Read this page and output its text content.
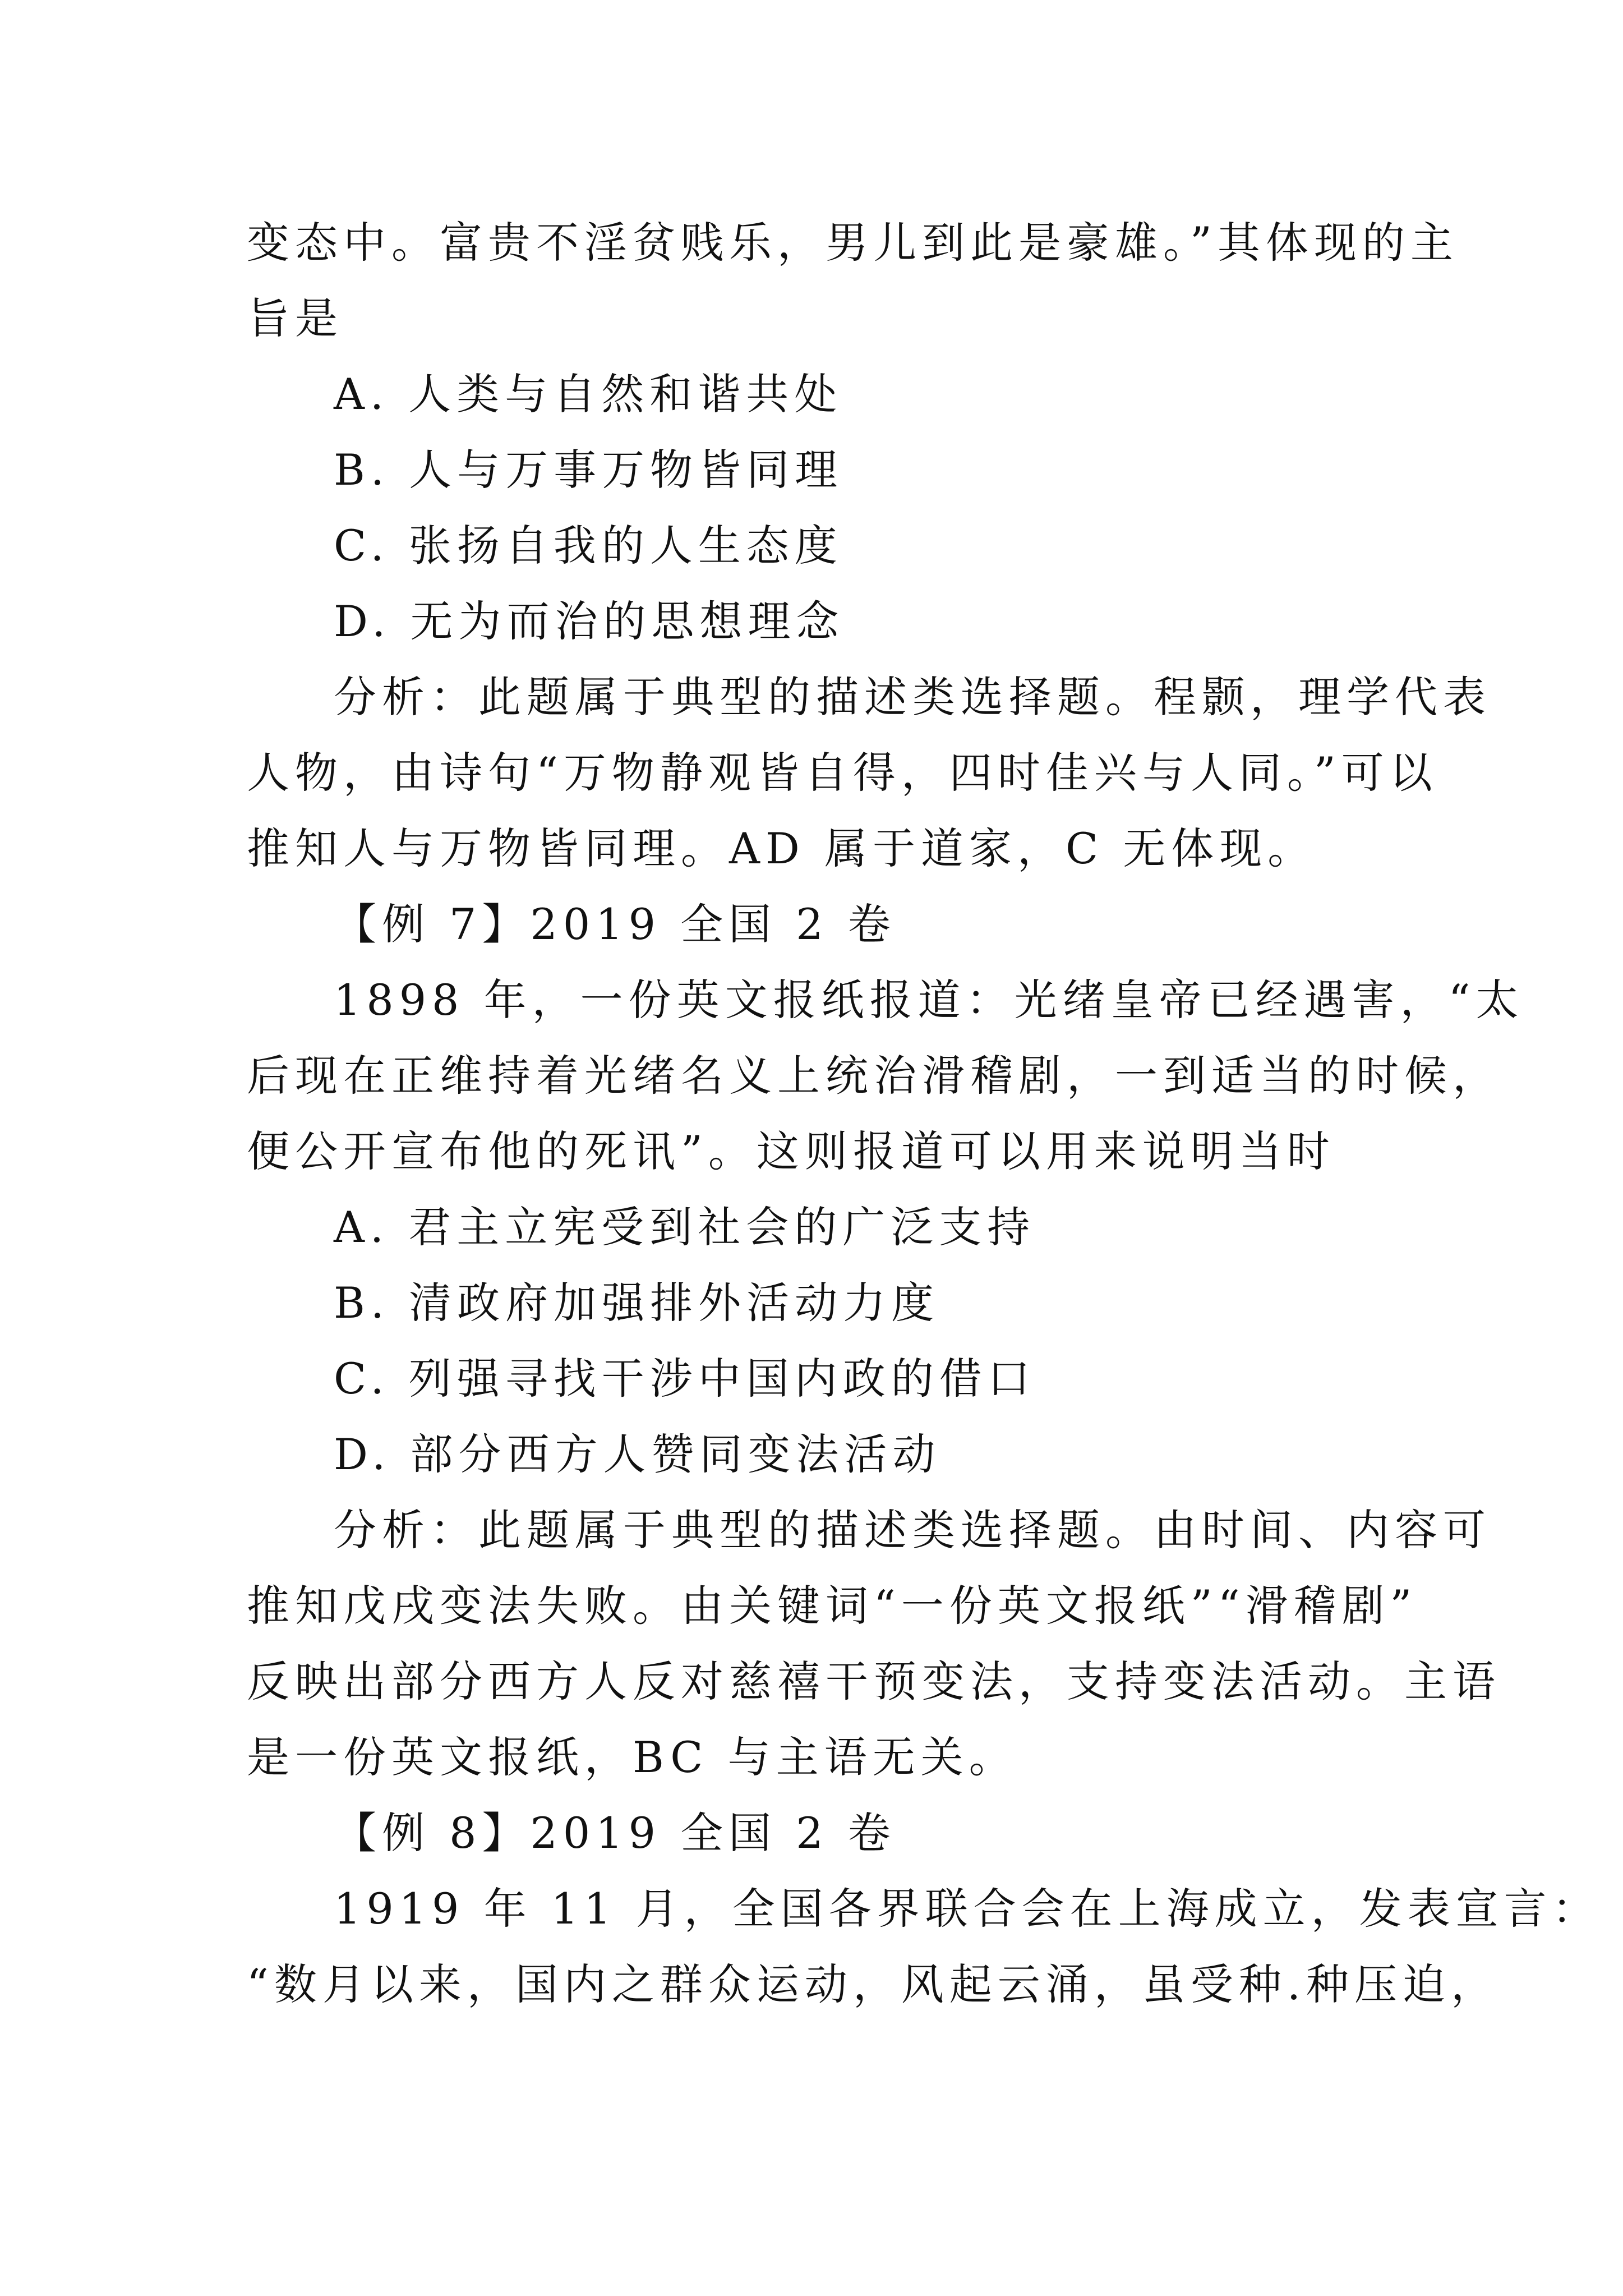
变态中。富贵不淫贫贱乐，男儿到此是豪雄。”其体现的主
旨是
A. 人类与自然和谐共处
B. 人与万事万物皆同理
C. 张扬自我的人生态度
D. 无为而治的思想理念
分析：此题属于典型的描述类选择题。程颢，理学代表
人物，由诗句“万物静观皆自得，四时佳兴与人同。”可以
推知人与万物皆同理。AD 属于道家，C 无体现。
【例 7】2019 全国 2 卷
1898 年，一份英文报纸报道：光绪皇帝已经遇害，“太
后现在正维持着光绪名义上统治滑稽剧，一到适当的时候，
便公开宣布他的死讯”。这则报道可以用来说明当时
A. 君主立宪受到社会的广泛支持
B. 清政府加强排外活动力度
C. 列强寻找干涉中国内政的借口
D. 部分西方人赞同变法活动
分析：此题属于典型的描述类选择题。由时间、内容可
推知戊戌变法失败。由关键词“一份英文报纸”“滑稽剧”
反映出部分西方人反对慈禧干预变法，支持变法活动。主语
是一份英文报纸，BC 与主语无关。
【例 8】2019 全国 2 卷
1919 年 11 月，全国各界联合会在上海成立，发表宣言：
“数月以来，国内之群众运动，风起云涌，虽受种.种压迫，
